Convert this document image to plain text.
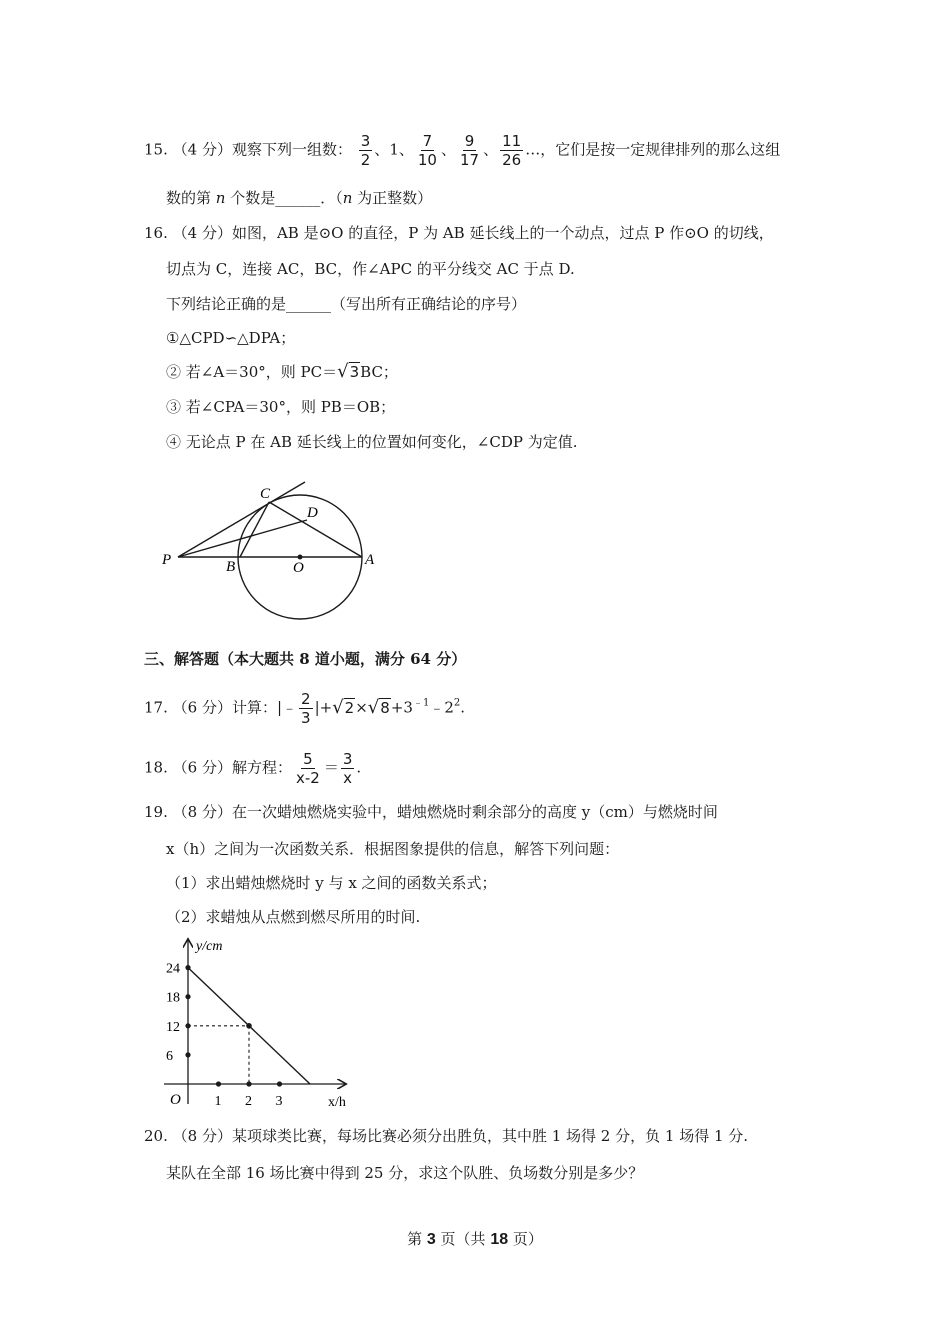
15. （4 分）观察下列一组数： $\frac{3}{2}$ 、1、 $\frac{7}{10}$ 、 $\frac{9}{17}$ 、 $\frac{11}{26}$ …，它们是按一定规律排列的那么这组
数的第 n 个数是______．（n 为正整数）
16. （4 分）如图，AB 是⊙O 的直径，P 为 AB 延长线上的一个动点，过点 P 作⊙O 的切线，
切点为 C，连接 AC，BC，作∠APC 的平分线交 AC 于点 D.
下列结论正确的是______（写出所有正确结论的序号）
①△CPD∽△DPA；
② 若∠A＝30°，则 PC＝√3BC；
③ 若∠CPA＝30°，则 PB＝OB；
④ 无论点 P 在 AB 延长线上的位置如何变化，∠CDP 为定值.
C
D
P	B	O	A
三、解答题（本大题共 8 道小题，满分 64 分）
17. （6 分）计算：|﹣ $\frac{2}{3}$ $|+√2\times√8+3^{﹣1}﹣2^2$.
18. （6 分）解方程： $\frac{5}{x-2} = \frac{3}{x}$ .
19. （8 分）在一次蜡烛燃烧实验中，蜡烛燃烧时剩余部分的高度 y（cm）与燃烧时间
x（h）之间为一次函数关系．根据图象提供的信息，解答下列问题：
（1）求出蜡烛燃烧时 y 与 x 之间的函数关系式；
（2）求蜡烛从点燃到燃尽所用的时间.
y/cm
x/h
O
6
12
18
24
1 2 3
20. （8 分）某项球类比赛，每场比赛必须分出胜负，其中胜 1 场得 2 分，负 1 场得 1 分.
某队在全部 16 场比赛中得到 25 分，求这个队胜、负场数分别是多少？
第 3 页（共 18 页）
